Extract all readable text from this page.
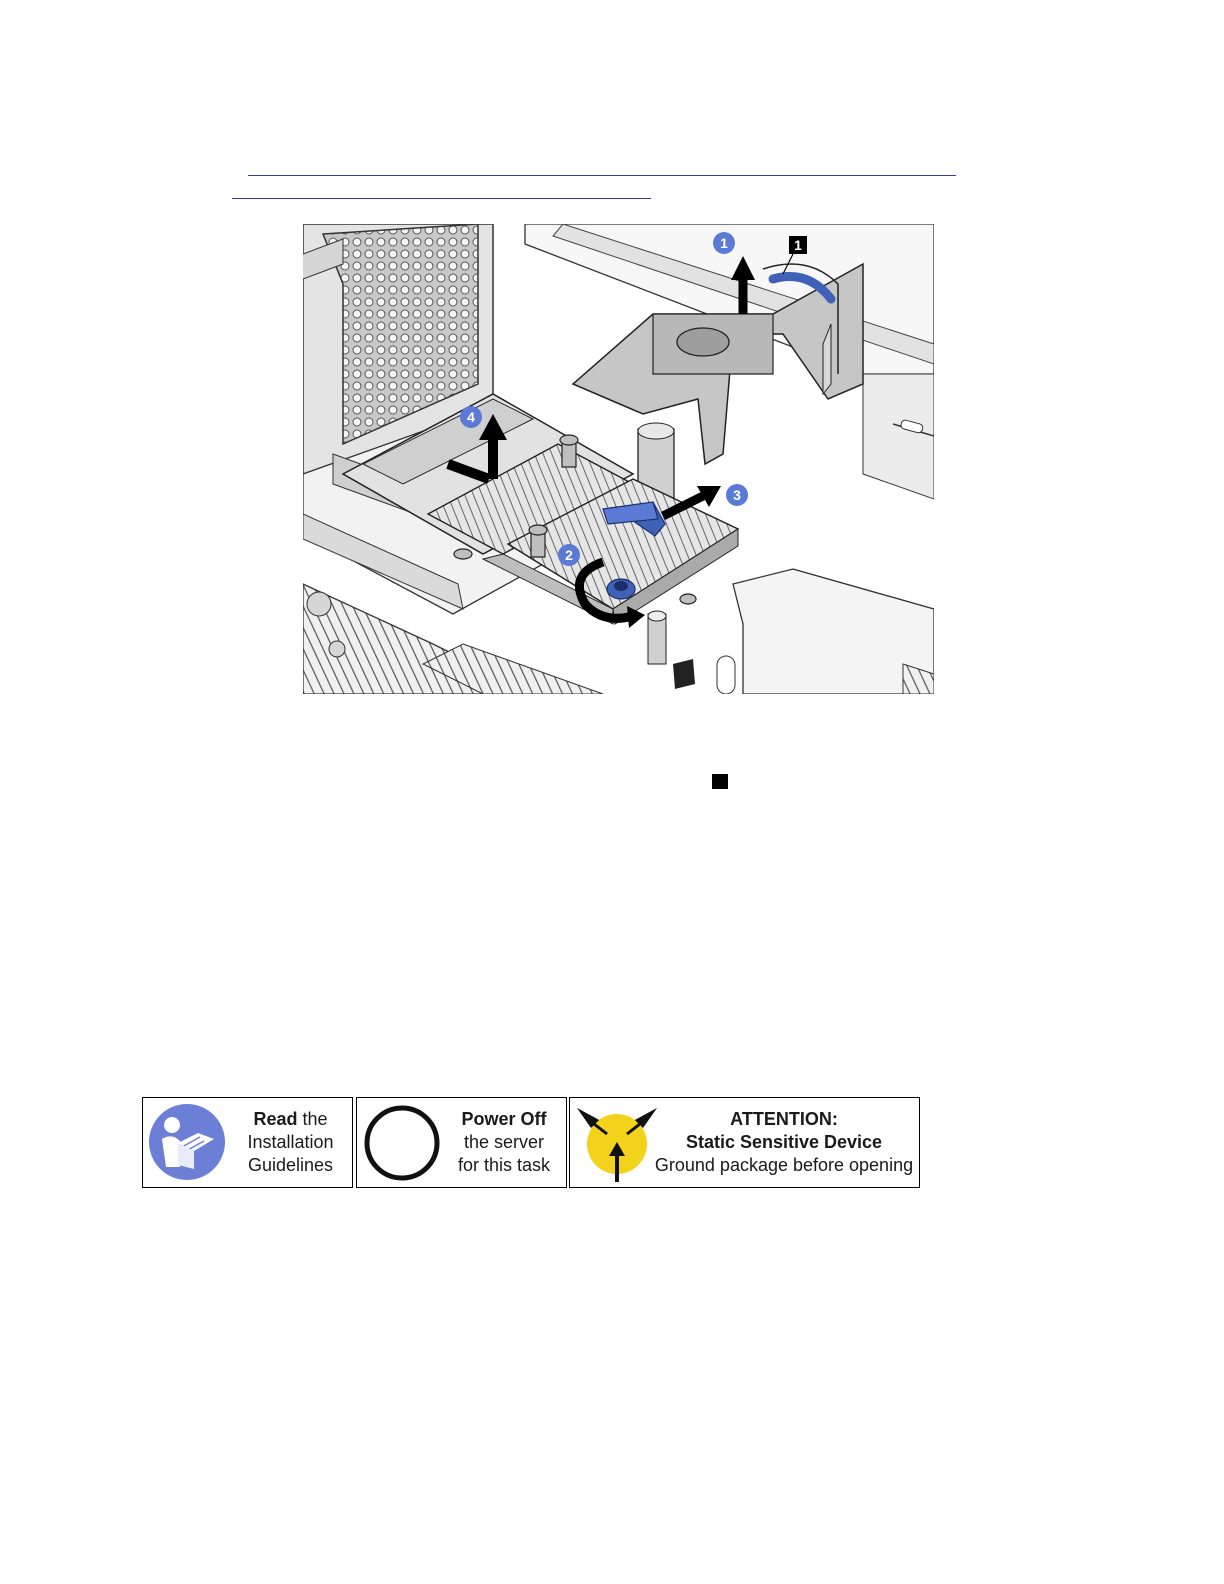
1
2
3
4
1
Read the
Installation
Guidelines
Power Off
the server
for this task
ATTENTION:
Static Sensitive Device
Ground package before opening
